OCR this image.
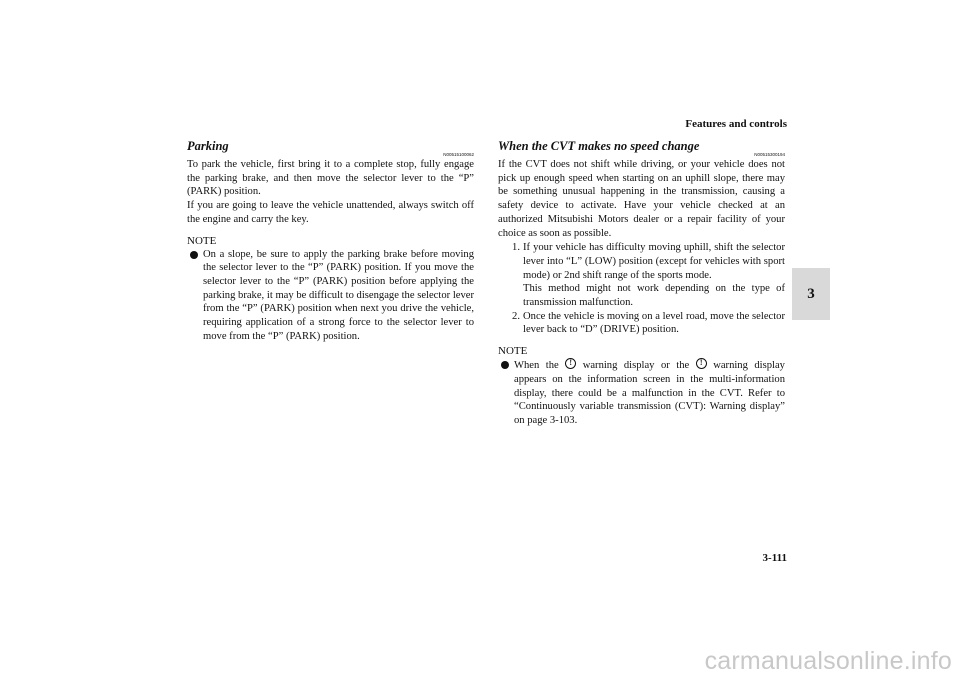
Features and controls
3
Parking
N00515100062
To park the vehicle, first bring it to a complete stop, fully engage the parking brake, and then move the selector lever to the “P” (PARK) position.
If you are going to leave the vehicle unattended, always switch off the engine and carry the key.
NOTE
On a slope, be sure to apply the parking brake before moving the selector lever to the “P” (PARK) position. If you move the selector lever to the “P” (PARK) position before applying the parking brake, it may be difficult to disengage the selector lever from the “P” (PARK) position when next you drive the vehicle, requiring application of a strong force to the selector lever to move from the “P” (PARK) position.
When the CVT makes no speed change
N00515300194
If the CVT does not shift while driving, or your vehicle does not pick up enough speed when starting on an uphill slope, there may be something unusual happening in the transmission, causing a safety device to activate. Have your vehicle checked at an authorized Mitsubishi Motors dealer or a repair facility of your choice as soon as possible.
1. If your vehicle has difficulty moving uphill, shift the selector lever into “L” (LOW) position (except for vehicles with sport mode) or 2nd shift range of the sports mode.
This method might not work depending on the type of transmission malfunction.
2. Once the vehicle is moving on a level road, move the selector lever back to “D” (DRIVE) position.
NOTE
When the ! warning display or the ! warning display appears on the information screen in the multi-information display, there could be a malfunction in the CVT. Refer to “Continuously variable transmission (CVT): Warning display” on page 3-103.
3-111
carmanualsonline.info
